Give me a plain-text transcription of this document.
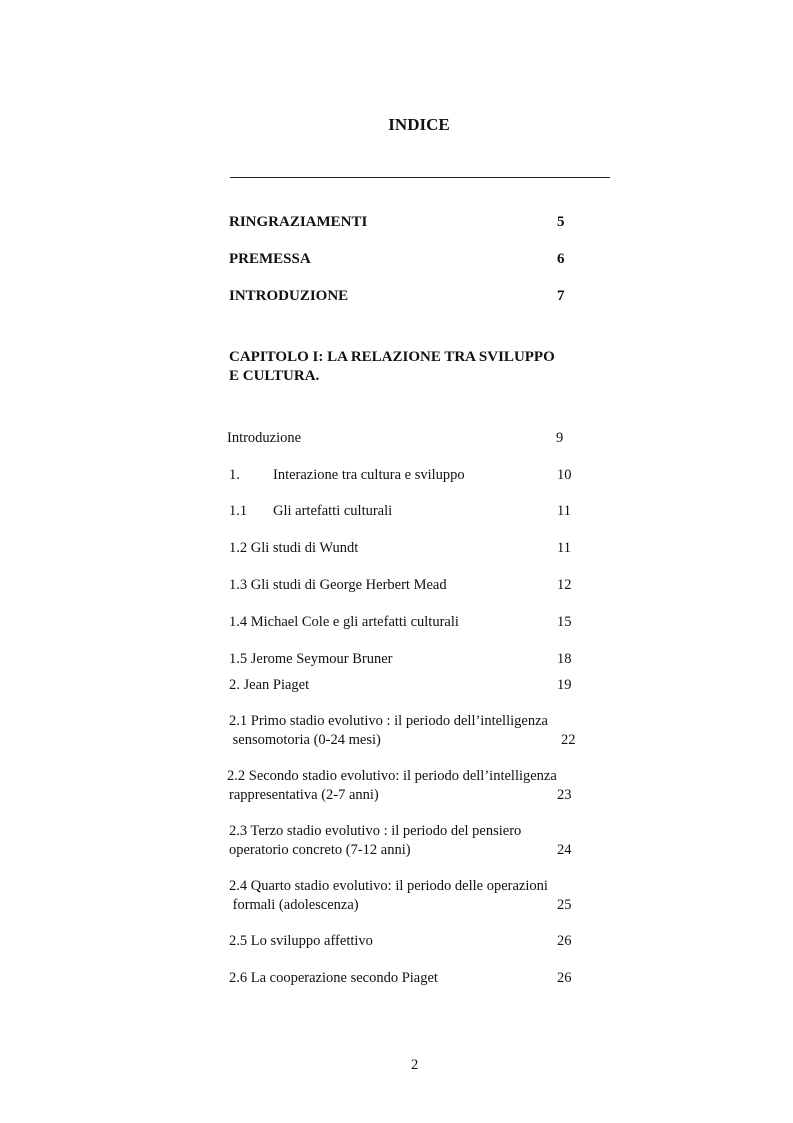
INDICE
RINGRAZIAMENTI	5
PREMESSA	6
INTRODUZIONE	7
CAPITOLO I: LA RELAZIONE TRA SVILUPPO
E CULTURA.
Introduzione	9
1. Interazione tra cultura e sviluppo	10
1.1 Gli artefatti culturali	11
1.2 Gli studi di Wundt	11
1.3 Gli studi di George Herbert Mead	12
1.4 Michael Cole e gli artefatti culturali	15
1.5 Jerome Seymour Bruner	18
2. Jean Piaget	19
2.1 Primo stadio evolutivo : il periodo dell’intelligenza
sensomotoria (0-24 mesi)	22
2.2 Secondo stadio evolutivo: il periodo dell’intelligenza
rappresentativa (2-7 anni)	23
2.3 Terzo stadio evolutivo : il periodo del pensiero
operatorio concreto (7-12 anni)	24
2.4 Quarto stadio evolutivo: il periodo delle operazioni
formali (adolescenza)	25
2.5 Lo sviluppo affettivo	26
2.6 La cooperazione secondo Piaget	26
2
